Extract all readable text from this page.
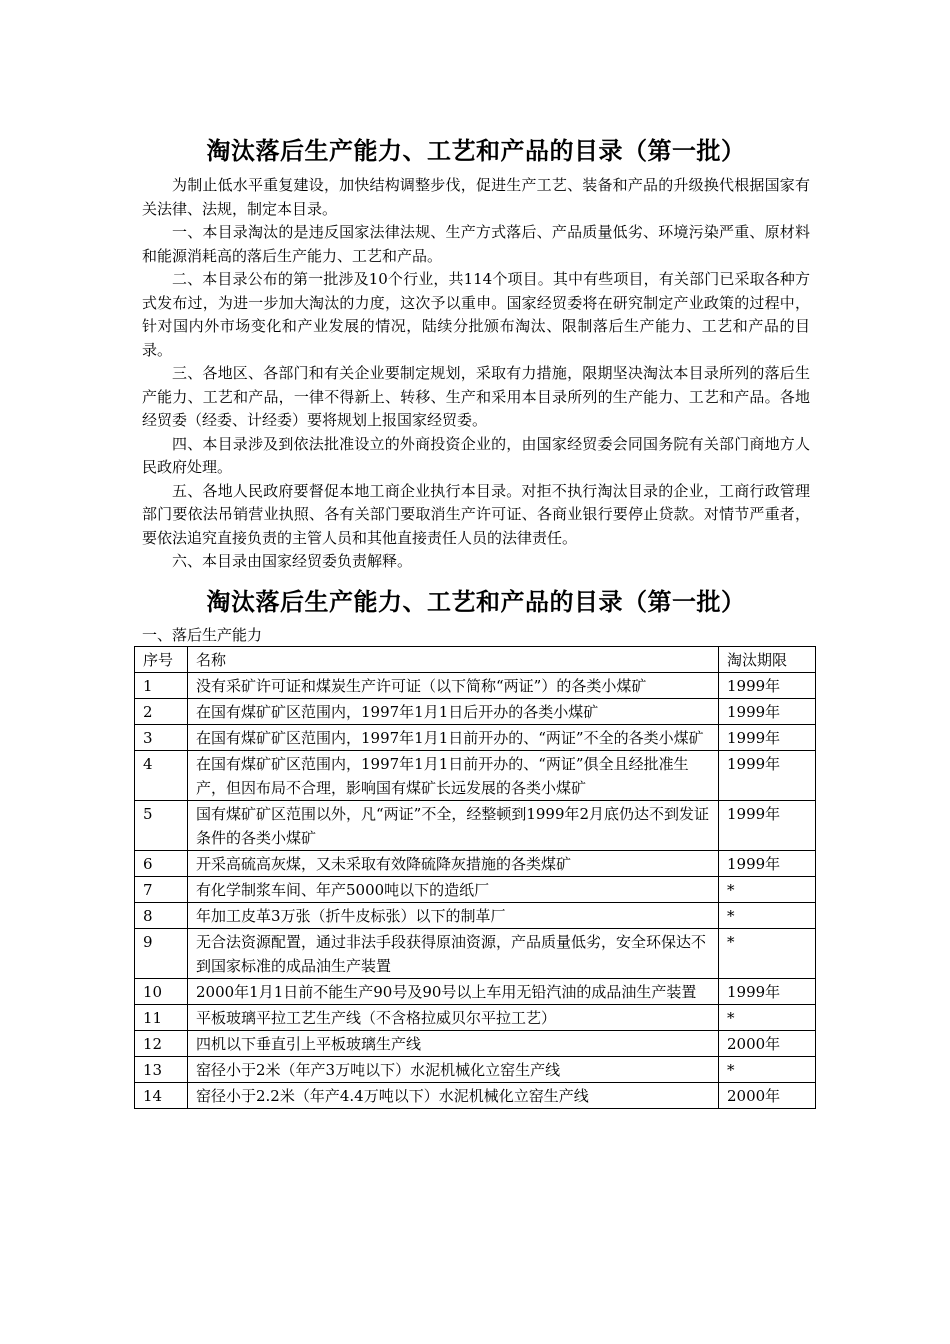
淘汰落后生产能力、工艺和产品的目录（第一批）

为制止低水平重复建设，加快结构调整步伐，促进生产工艺、装备和产品的升级换代根据国家有关法律、法规，制定本目录。

一、本目录淘汰的是违反国家法律法规、生产方式落后、产品质量低劣、环境污染严重、原材料和能源消耗高的落后生产能力、工艺和产品。

二、本目录公布的第一批涉及10个行业，共114个项目。其中有些项目，有关部门已采取各种方式发布过，为进一步加大淘汰的力度，这次予以重申。国家经贸委将在研究制定产业政策的过程中，针对国内外市场变化和产业发展的情况，陆续分批颁布淘汰、限制落后生产能力、工艺和产品的目录。

三、各地区、各部门和有关企业要制定规划，采取有力措施，限期坚决淘汰本目录所列的落后生产能力、工艺和产品，一律不得新上、转移、生产和采用本目录所列的生产能力、工艺和产品。各地经贸委（经委、计经委）要将规划上报国家经贸委。

四、本目录涉及到依法批准设立的外商投资企业的，由国家经贸委会同国务院有关部门商地方人民政府处理。

五、各地人民政府要督促本地工商企业执行本目录。对拒不执行淘汰目录的企业，工商行政管理部门要依法吊销营业执照、各有关部门要取消生产许可证、各商业银行要停止贷款。对情节严重者，要依法追究直接负责的主管人员和其他直接责任人员的法律责任。

六、本目录由国家经贸委负责解释。

淘汰落后生产能力、工艺和产品的目录（第一批）

一、落后生产能力

序号	名称	淘汰期限
1	没有采矿许可证和煤炭生产许可证（以下简称“两证”）的各类小煤矿	1999年
2	在国有煤矿矿区范围内，1997年1月1日后开办的各类小煤矿	1999年
3	在国有煤矿矿区范围内，1997年1月1日前开办的、“两证”不全的各类小煤矿	1999年
4	在国有煤矿矿区范围内，1997年1月1日前开办的、“两证”俱全且经批准生产，但因布局不合理，影响国有煤矿长远发展的各类小煤矿	1999年
5	国有煤矿矿区范围以外，凡“两证”不全，经整顿到1999年2月底仍达不到发证条件的各类小煤矿	1999年
6	开采高硫高灰煤，又未采取有效降硫降灰措施的各类煤矿	1999年
7	有化学制浆车间、年产5000吨以下的造纸厂	*
8	年加工皮革3万张（折牛皮标张）以下的制革厂	*
9	无合法资源配置，通过非法手段获得原油资源，产品质量低劣，安全环保达不到国家标准的成品油生产装置	*
10	2000年1月1日前不能生产90号及90号以上车用无铅汽油的成品油生产装置	1999年
11	平板玻璃平拉工艺生产线（不含格拉威贝尔平拉工艺）	*
12	四机以下垂直引上平板玻璃生产线	2000年
13	窑径小于2米（年产3万吨以下）水泥机械化立窑生产线	*
14	窑径小于2.2米（年产4.4万吨以下）水泥机械化立窑生产线	2000年
